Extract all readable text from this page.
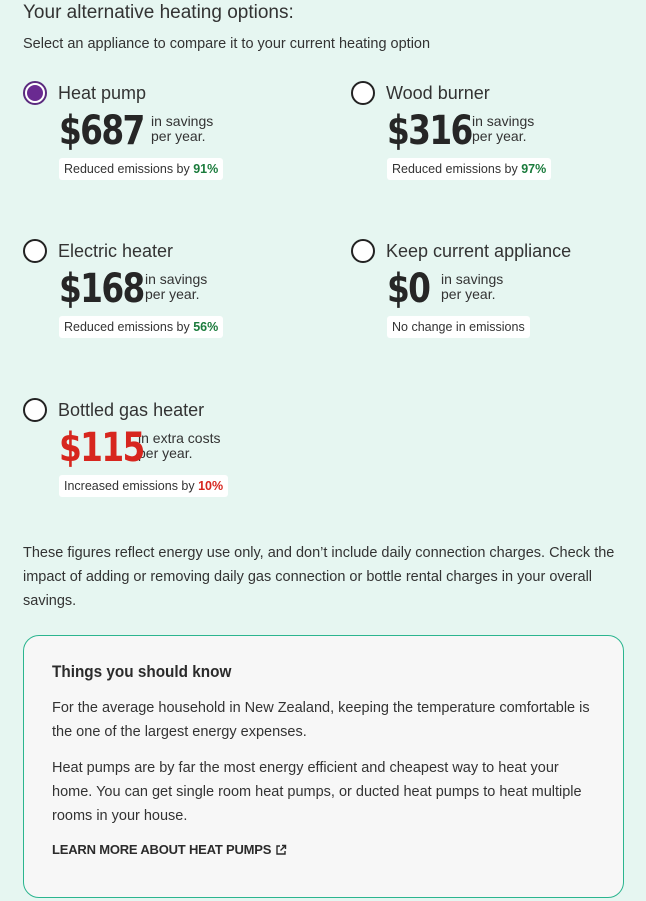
Your alternative heating options:
Select an appliance to compare it to your current heating option
Heat pump
$687 in savings
per year.
Reduced emissions by 91%
Wood burner
$316 in savings
per year.
Reduced emissions by 97%
Electric heater
$168 in savings
per year.
Reduced emissions by 56%
Keep current appliance
$0 in savings
per year.
No change in emissions
Bottled gas heater
$115
in extra costs
per year.
Increased emissions by 10%
These figures reflect energy use only, and don’t include daily connection charges. Check the impact of adding or removing daily gas connection or bottle rental charges in your overall savings.
Things you should know

For the average household in New Zealand, keeping the temperature comfortable is the one of the largest energy expenses.

Heat pumps are by far the most energy efficient and cheapest way to heat your home. You can get single room heat pumps, or ducted heat pumps to heat multiple rooms in your house.

LEARN MORE ABOUT HEAT PUMPS
